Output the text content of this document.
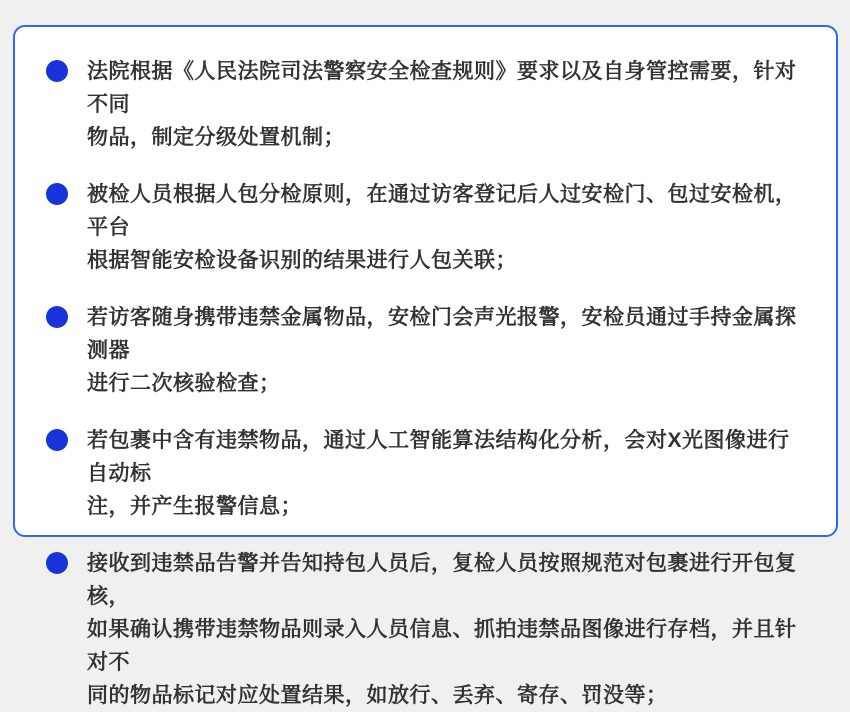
法院根据《人民法院司法警察安全检查规则》要求以及自身管控需要，针对不同
物品，制定分级处置机制；
被检人员根据人包分检原则，在通过访客登记后人过安检门、包过安检机，平台
根据智能安检设备识别的结果进行人包关联；
若访客随身携带违禁金属物品，安检门会声光报警，安检员通过手持金属探测器
进行二次核验检查；
若包裹中含有违禁物品，通过人工智能算法结构化分析，会对X光图像进行自动标
注，并产生报警信息；
接收到违禁品告警并告知持包人员后，复检人员按照规范对包裹进行开包复核，
如果确认携带违禁物品则录入人员信息、抓拍违禁品图像进行存档，并且针对不
同的物品标记对应处置结果，如放行、丢弃、寄存、罚没等；
